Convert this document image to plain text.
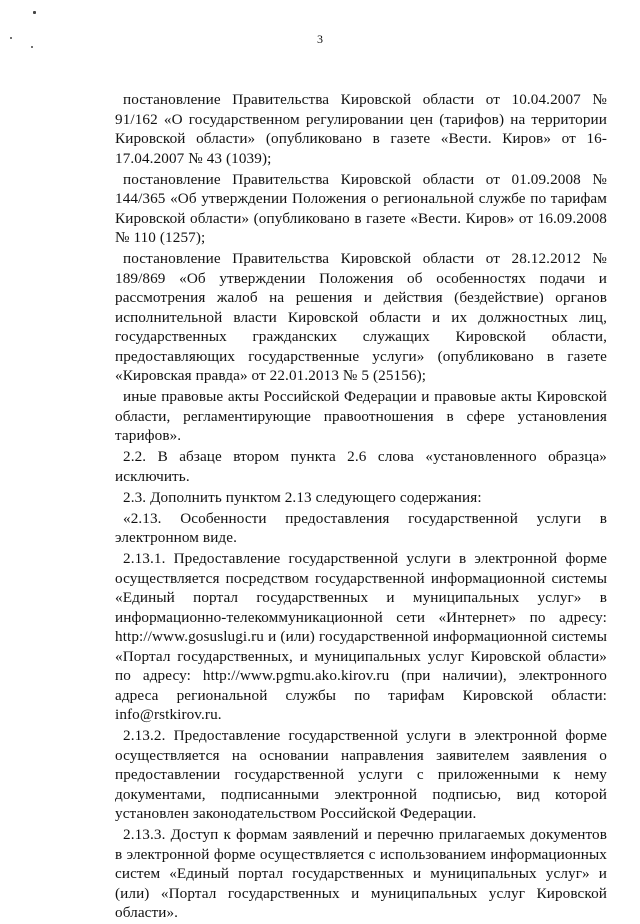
3

постановление Правительства Кировской области от 10.04.2007 № 91/162 «О государственном регулировании цен (тарифов) на территории Кировской области» (опубликовано в газете «Вести. Киров» от 16-17.04.2007 № 43 (1039);

постановление Правительства Кировской области от 01.09.2008 № 144/365 «Об утверждении Положения о региональной службе по тарифам Кировской области» (опубликовано в газете «Вести. Киров» от 16.09.2008 № 110 (1257);

постановление Правительства Кировской области от 28.12.2012 № 189/869 «Об утверждении Положения об особенностях подачи и рассмотрения жалоб на решения и действия (бездействие) органов исполнительной власти Кировской области и их должностных лиц, государственных гражданских служащих Кировской области, предоставляющих государственные услуги» (опубликовано в газете «Кировская правда» от 22.01.2013 № 5 (25156);

иные правовые акты Российской Федерации и правовые акты Кировской области, регламентирующие правоотношения в сфере установления тарифов».

2.2. В абзаце втором пункта 2.6 слова «установленного образца» исключить.

2.3. Дополнить пунктом 2.13 следующего содержания:

«2.13. Особенности предоставления государственной услуги в электронном виде.

2.13.1. Предоставление государственной услуги в электронной форме осуществляется посредством государственной информационной системы «Единый портал государственных и муниципальных услуг» в информационно-телекоммуникационной сети «Интернет» по адресу: http://www.gosuslugi.ru и (или) государственной информационной системы «Портал государственных, и муниципальных услуг Кировской области» по адресу: http://www.pgmu.ako.kirov.ru (при наличии), электронного адреса региональной службы по тарифам Кировской области: info@rstkirov.ru.

2.13.2. Предоставление государственной услуги в электронной форме осуществляется на основании направления заявителем заявления о предоставлении государственной услуги с приложенными к нему документами, подписанными электронной подписью, вид которой установлен законодательством Российской Федерации.

2.13.3. Доступ к формам заявлений и перечню прилагаемых документов в электронной форме осуществляется с использованием информационных систем «Единый портал государственных и муниципальных услуг» и (или) «Портал государственных и муниципальных услуг Кировской области».
